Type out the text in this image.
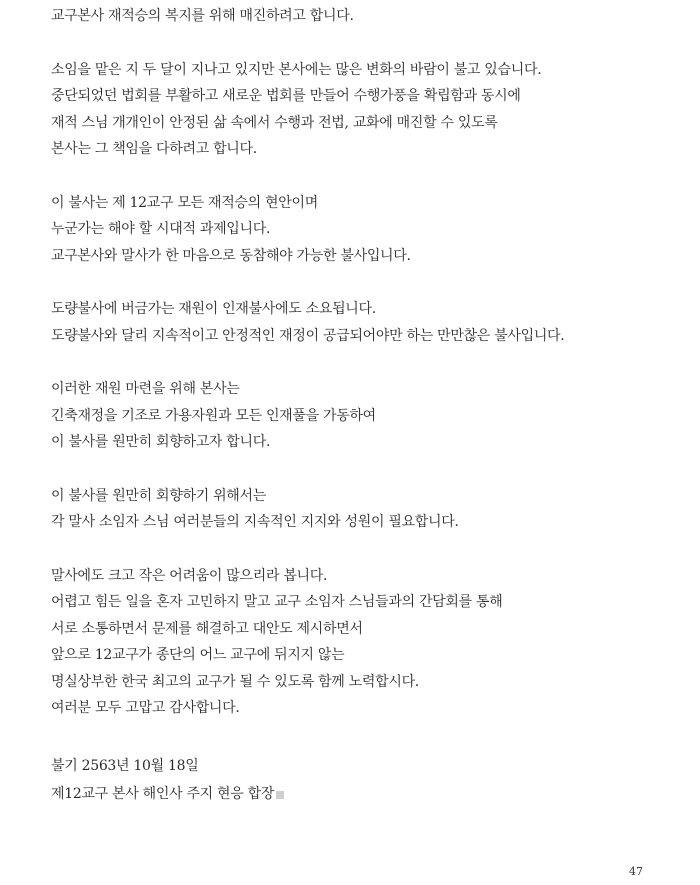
교구본사 재적승의 복지를 위해 매진하려고 합니다.
소임을 맡은 지 두 달이 지나고 있지만 본사에는 많은 변화의 바람이 불고 있습니다.
중단되었던 법회를 부활하고 새로운 법회를 만들어 수행가풍을 확립함과 동시에
재적 스님 개개인이 안정된 삶 속에서 수행과 전법, 교화에 매진할 수 있도록
본사는 그 책임을 다하려고 합니다.
이 불사는 제 12교구 모든 재적승의 현안이며
누군가는 해야 할 시대적 과제입니다.
교구본사와 말사가 한 마음으로 동참해야 가능한 불사입니다.
도량불사에 버금가는 재원이 인재불사에도 소요됩니다.
도량불사와 달리 지속적이고 안정적인 재정이 공급되어야만 하는 만만찮은 불사입니다.
이러한 재원 마련을 위해 본사는
긴축재정을 기조로 가용자원과 모든 인재풀을 가동하여
이 불사를 원만히 회향하고자 합니다.
이 불사를 원만히 회향하기 위해서는
각 말사 소임자 스님 여러분들의 지속적인 지지와 성원이 필요합니다.
말사에도 크고 작은 어려움이 많으리라 봅니다.
어렵고 힘든 일을 혼자 고민하지 말고 교구 소임자 스님들과의 간담회를 통해
서로 소통하면서 문제를 해결하고 대안도 제시하면서
앞으로 12교구가 종단의 어느 교구에 뒤지지 않는
명실상부한 한국 최고의 교구가 될 수 있도록 함께 노력합시다.
여러분 모두 고맙고 감사합니다.
불기 2563년 10월 18일
제12교구 본사 해인사 주지 현응 합장
47
